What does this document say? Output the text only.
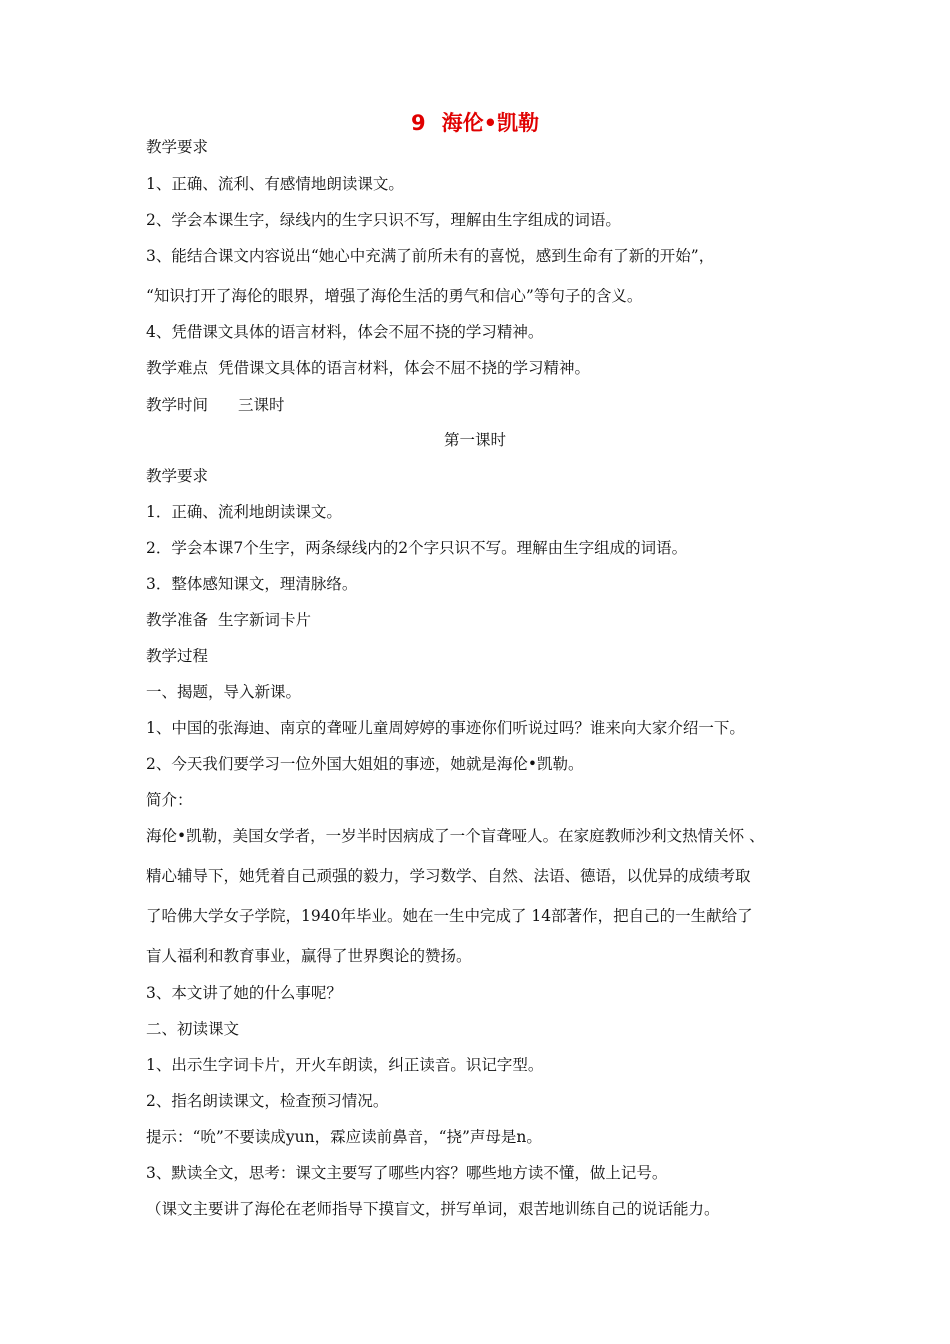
9 海伦•凯勒
教学要求
1、正确、流利、有感情地朗读课文。
2、学会本课生字，绿线内的生字只识不写，理解由生字组成的词语。
3、能结合课文内容说出“她心中充满了前所未有的喜悦，感到生命有了新的开始”，
“知识打开了海伦的眼界，增强了海伦生活的勇气和信心”等句子的含义。
4、凭借课文具体的语言材料，体会不屈不挠的学习精神。
教学难点 凭借课文具体的语言材料，体会不屈不挠的学习精神。
教学时间 三课时
第一课时
教学要求
1．正确、流利地朗读课文。
2．学会本课7个生字，两条绿线内的2个字只识不写。理解由生字组成的词语。
3．整体感知课文，理清脉络。
教学准备 生字新词卡片
教学过程
一、揭题，导入新课。
1、中国的张海迪、南京的聋哑儿童周婷婷的事迹你们听说过吗？谁来向大家介绍一下。
2、今天我们要学习一位外国大姐姐的事迹，她就是海伦•凯勒。
简介：
海伦•凯勒，美国女学者，一岁半时因病成了一个盲聋哑人。在家庭教师沙利文热情关怀 、
精心辅导下，她凭着自己顽强的毅力，学习数学、自然、法语、德语，以优异的成绩考取
了哈佛大学女子学院，1940年毕业。她在一生中完成了 14部著作，把自己的一生献给了
盲人福利和教育事业，赢得了世界舆论的赞扬。
3、本文讲了她的什么事呢？
二、初读课文
1、出示生字词卡片，开火车朗读，纠正读音。识记字型。
2、指名朗读课文，检查预习情况。
提示：“吮”不要读成yun，霖应读前鼻音，“挠”声母是n。
3、默读全文，思考：课文主要写了哪些内容？哪些地方读不懂，做上记号。
（课文主要讲了海伦在老师指导下摸盲文，拼写单词，艰苦地训练自己的说话能力。
